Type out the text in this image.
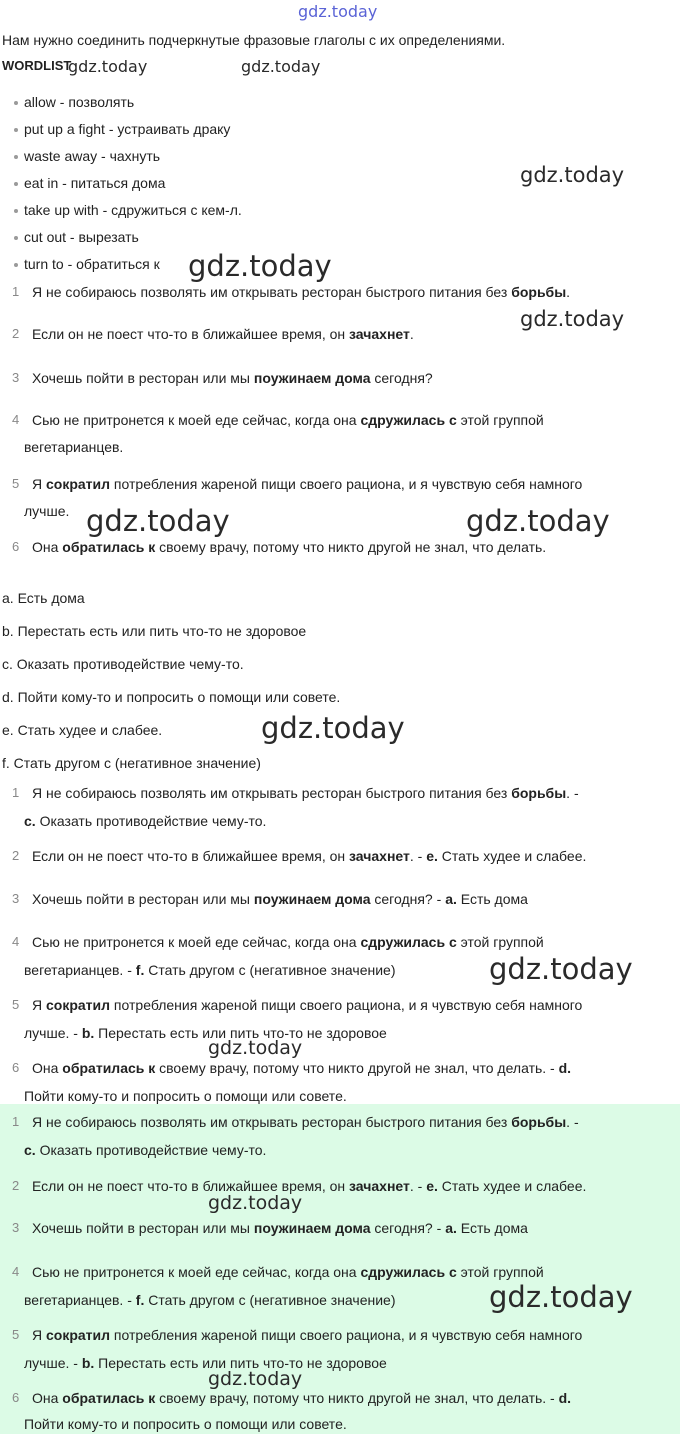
gdz.today
Нам нужно соединить подчеркнутые фразовые глаголы с их определениями.
WORDLIST
gdz.today	gdz.today
allow - позволять
put up a fight - устраивать драку
waste away - чахнуть
eat in - питаться дома
take up with - сдружиться с кем-л.
cut out - вырезать
turn to - обратиться к
gdz.today
gdz.today
gdz.today
1 Я не собираюсь позволять им открывать ресторан быстрого питания без борьбы.
2 Если он не поест что-то в ближайшее время, он зачахнет.
3 Хочешь пойти в ресторан или мы поужинаем дома сегодня?
4 Сью не притронется к моей еде сейчас, когда она сдружилась с этой группой
вегетарианцев.
5 Я сократил потребления жареной пищи своего рациона, и я чувствую себя намного
лучше.
6 Она обратилась к своему врачу, потому что никто другой не знал, что делать.
gdz.today	gdz.today
a. Есть дома
b. Перестать есть или пить что-то не здоровое
c. Оказать противодействие чему-то.
d. Пойти кому-то и попросить о помощи или совете.
e. Стать худее и слабее.
f. Стать другом с (негативное значение)
gdz.today
1 Я не собираюсь позволять им открывать ресторан быстрого питания без борьбы. -
c. Оказать противодействие чему-то.
2 Если он не поест что-то в ближайшее время, он зачахнет. - e. Стать худее и слабее.
3 Хочешь пойти в ресторан или мы поужинаем дома сегодня? - a. Есть дома
4 Сью не притронется к моей еде сейчас, когда она сдружилась с этой группой
вегетарианцев. - f. Стать другом с (негативное значение)
5 Я сократил потребления жареной пищи своего рациона, и я чувствую себя намного
лучше. - b. Перестать есть или пить что-то не здоровое
6 Она обратилась к своему врачу, потому что никто другой не знал, что делать. - d.
Пойти кому-то и попросить о помощи или совете.
gdz.today
gdz.today
1 Я не собираюсь позволять им открывать ресторан быстрого питания без борьбы. -
c. Оказать противодействие чему-то.
2 Если он не поест что-то в ближайшее время, он зачахнет. - e. Стать худее и слабее.
3 Хочешь пойти в ресторан или мы поужинаем дома сегодня? - a. Есть дома
4 Сью не притронется к моей еде сейчас, когда она сдружилась с этой группой
вегетарианцев. - f. Стать другом с (негативное значение)
5 Я сократил потребления жареной пищи своего рациона, и я чувствую себя намного
лучше. - b. Перестать есть или пить что-то не здоровое
6 Она обратилась к своему врачу, потому что никто другой не знал, что делать. - d.
Пойти кому-то и попросить о помощи или совете.
gdz.today
gdz.today
gdz.today
